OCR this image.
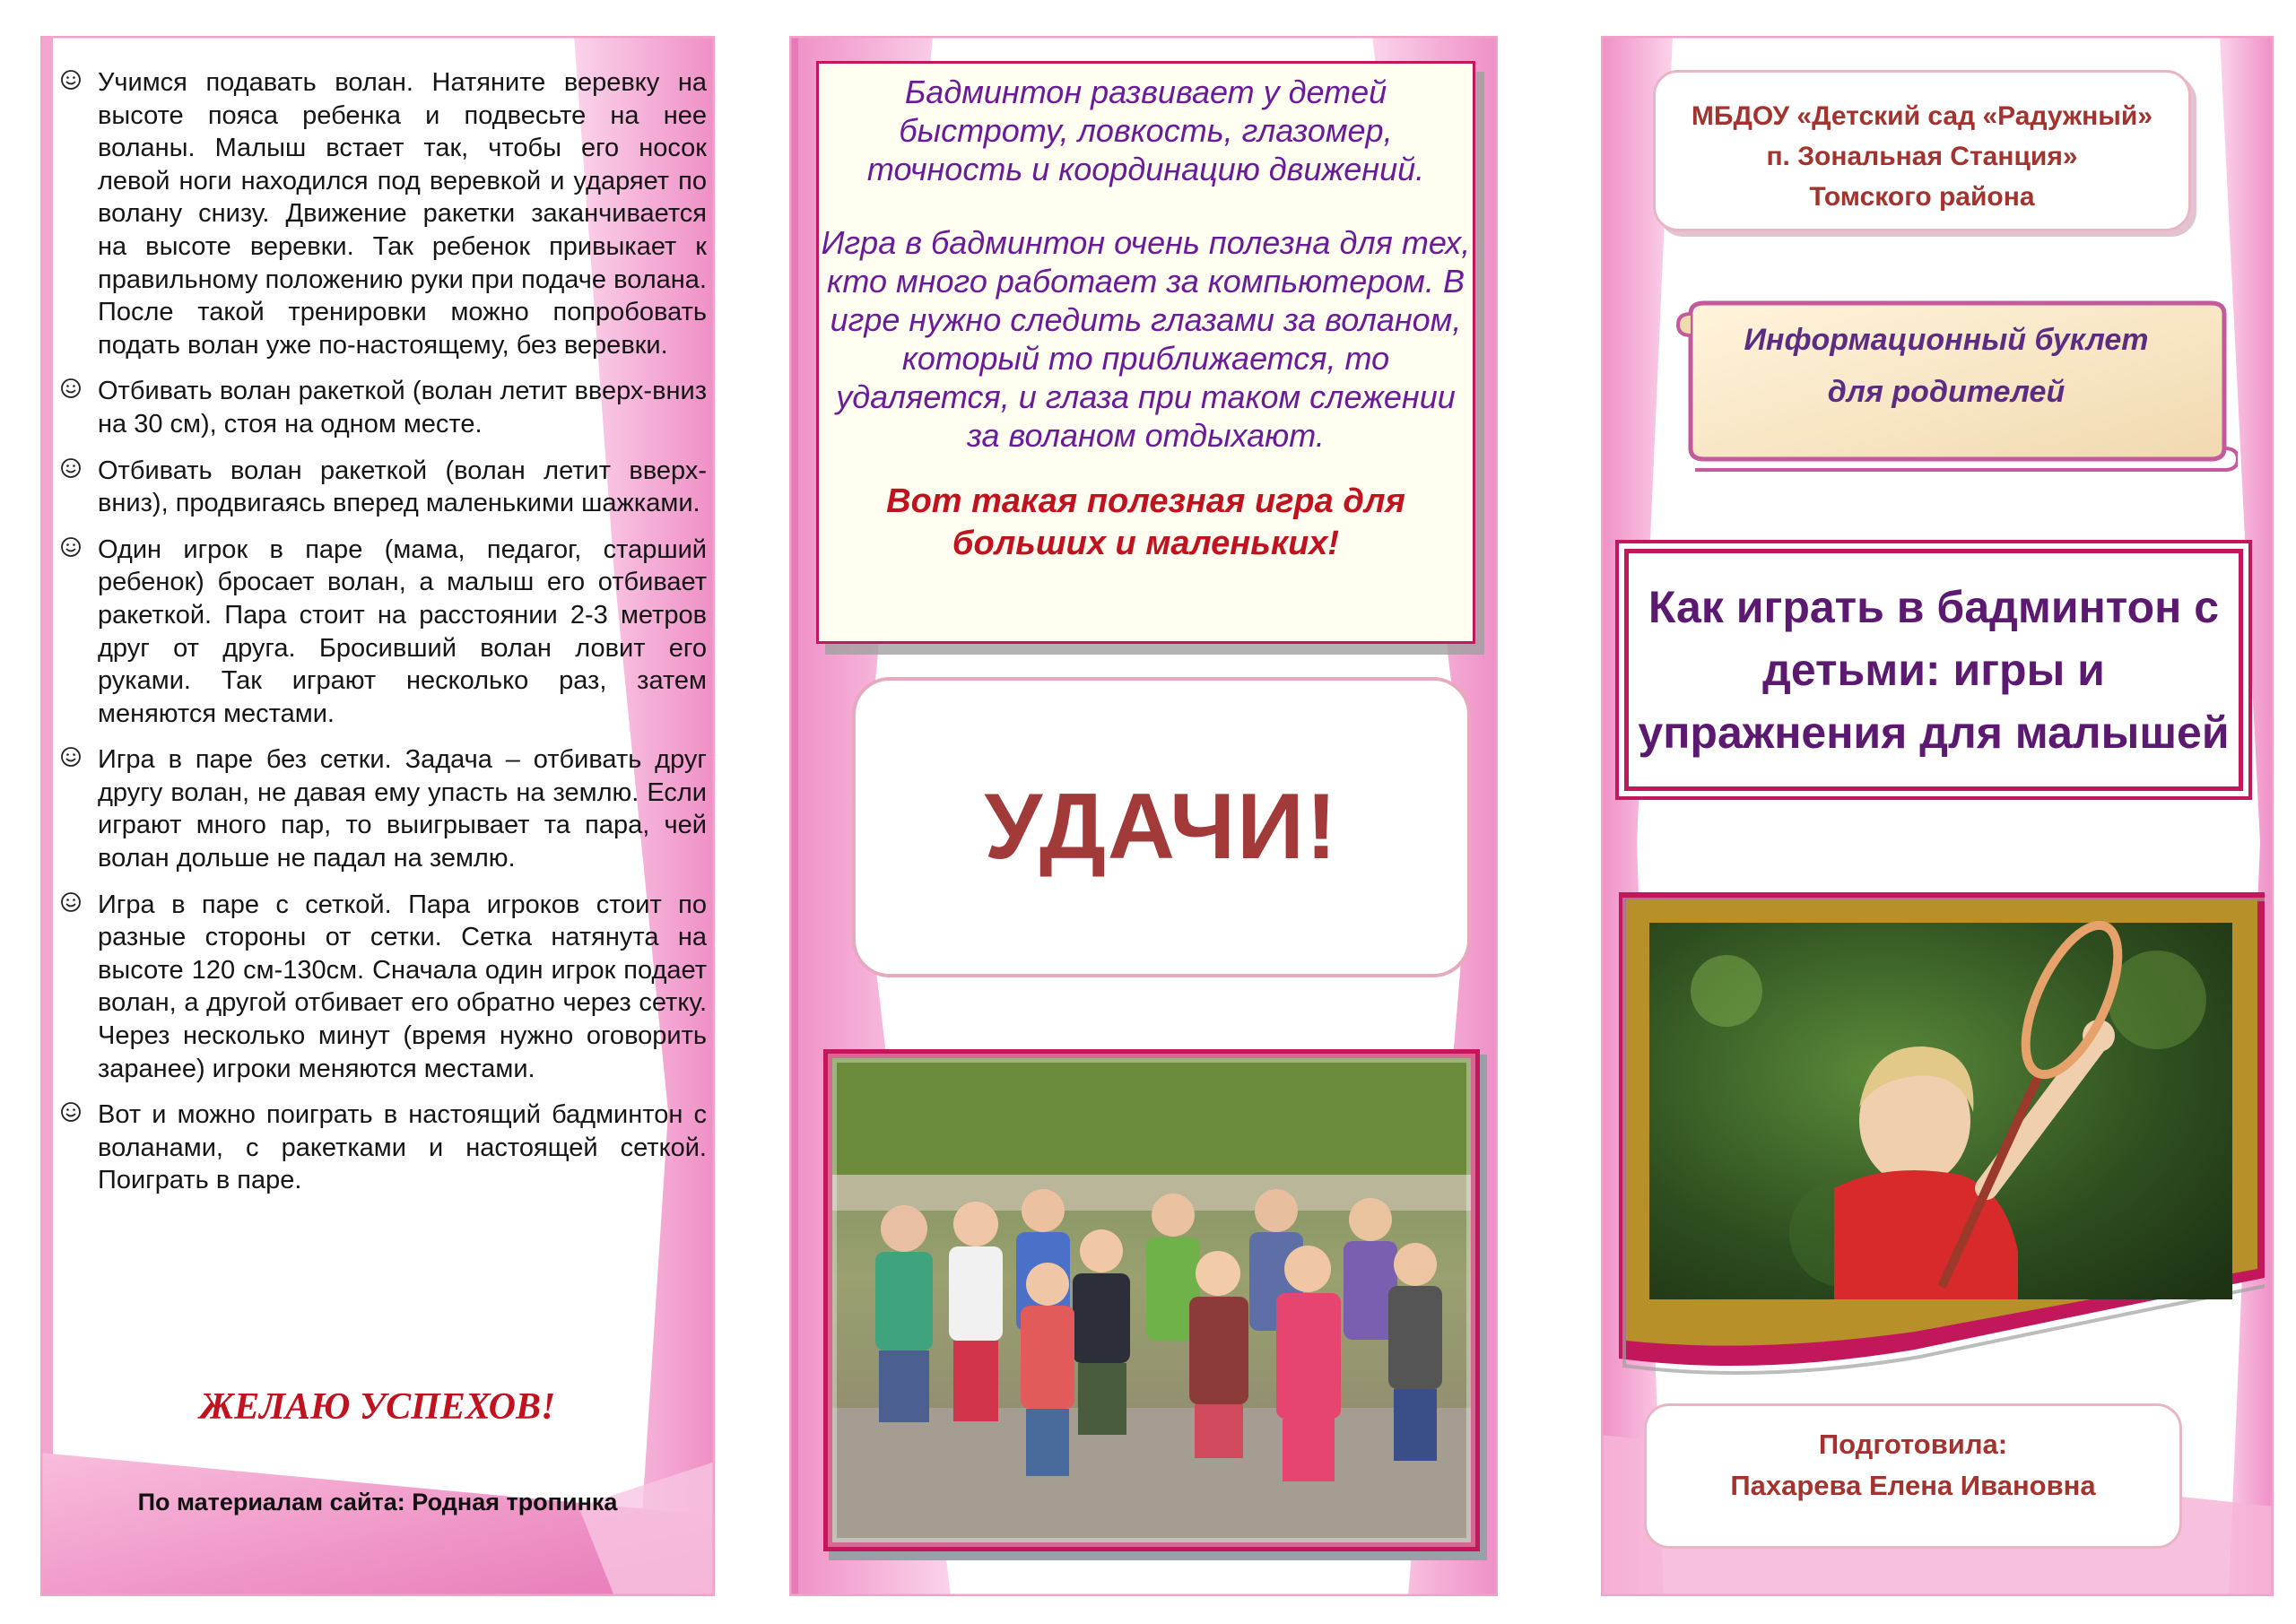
Учимся подавать волан. Натяните веревку на высоте пояса ребенка и подвесьте на нее воланы. Малыш встает так, чтобы его носок левой ноги находился под веревкой и ударяет по волану снизу. Движение ракетки заканчивается на высоте веревки. Так ребенок привыкает к правильному положению руки при подаче волана. После такой тренировки можно попробовать подать волан уже по-настоящему, без веревки.
Отбивать волан ракеткой (волан летит вверх-вниз на 30 см), стоя на одном месте.
Отбивать волан ракеткой (волан летит вверх-вниз), продвигаясь вперед маленькими шажками.
Один игрок в паре (мама, педагог, старший ребенок) бросает волан, а малыш его отбивает ракеткой. Пара стоит на расстоянии 2-3 метров друг от друга. Бросивший волан ловит его руками. Так играют несколько раз, затем меняются местами.
Игра в паре без сетки. Задача – отбивать друг другу волан, не давая ему упасть на землю. Если играют много пар, то выигрывает та пара, чей волан дольше не падал на землю.
Игра в паре с сеткой. Пара игроков стоит по разные стороны от сетки. Сетка натянута на высоте 120 см-130см. Сначала один игрок подает волан, а другой отбивает его обратно через сетку. Через несколько минут (время нужно оговорить заранее) игроки меняются местами.
Вот и можно поиграть в настоящий бадминтон с воланами, с ракетками и настоящей сеткой. Поиграть в паре.
ЖЕЛАЮ УСПЕХОВ!
По материалам сайта: Родная тропинка

Бадминтон развивает у детей быстроту, ловкость, глазомер, точность и координацию движений.

Игра в бадминтон очень полезна для тех, кто много работает за компьютером. В игре нужно следить глазами за воланом, который то приближается, то удаляется, и глаза при таком слежении за воланом отдыхают.

Вот такая полезная игра для больших и маленьких!

УДАЧИ!
МБДОУ «Детский сад «Радужный»
п. Зональная Станция»
Томского района
Информационный буклет
для родителей
Как играть в бадминтон с
детьми: игры и
упражнения для малышей
Подготовила:
Пахарева Елена Ивановна
